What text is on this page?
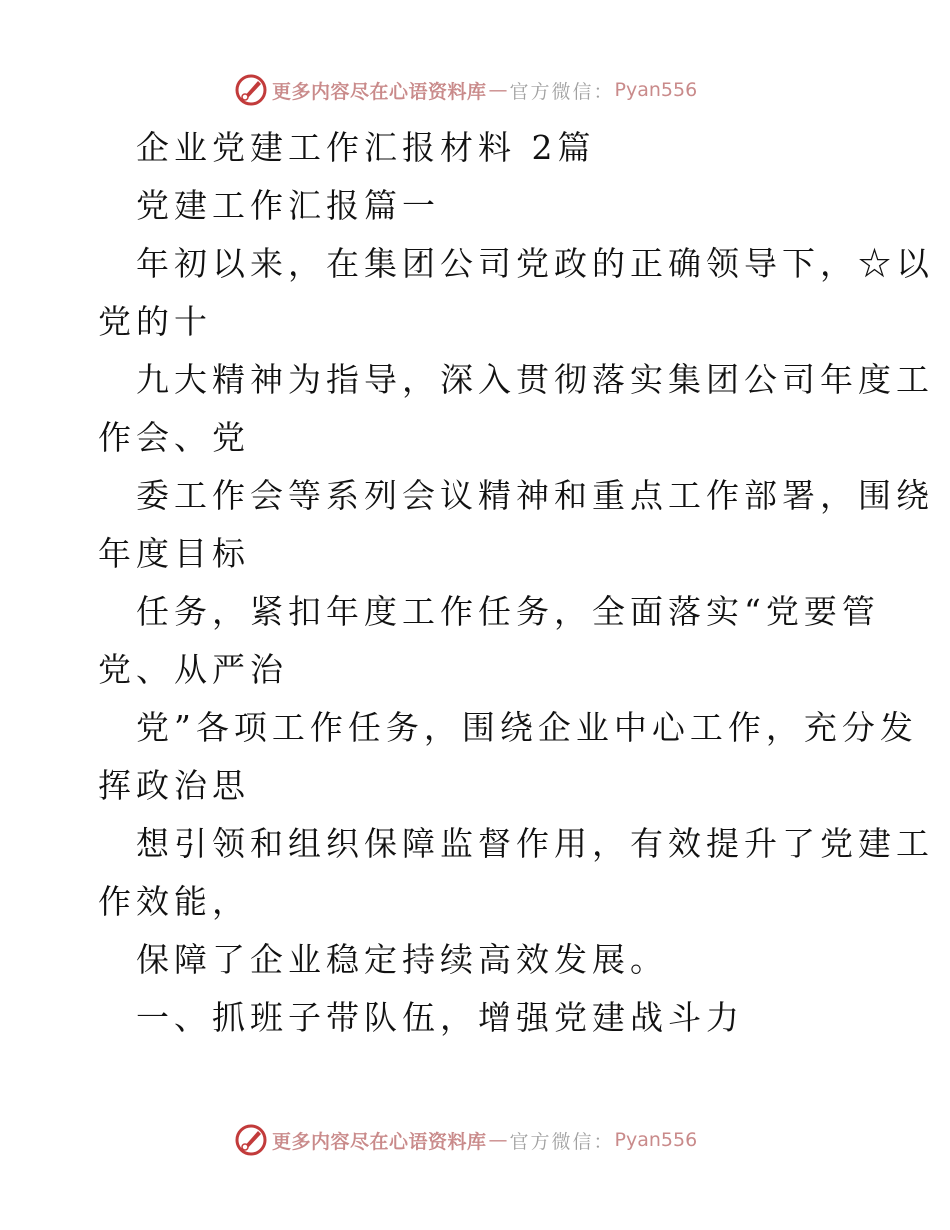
更多内容尽在心语资料库 — 官方微信： Pyan556
企业党建工作汇报材料 2篇
党建工作汇报篇一
年初以来，在集团公司党政的正确领导下，☆以
党的十
九大精神为指导，深入贯彻落实集团公司年度工
作会、党
委工作会等系列会议精神和重点工作部署，围绕
年度目标
任务，紧扣年度工作任务，全面落实“党要管
党、从严治
党”各项工作任务，围绕企业中心工作，充分发
挥政治思
想引领和组织保障监督作用，有效提升了党建工
作效能，
保障了企业稳定持续高效发展。
一、抓班子带队伍，增强党建战斗力
更多内容尽在心语资料库 — 官方微信： Pyan556
